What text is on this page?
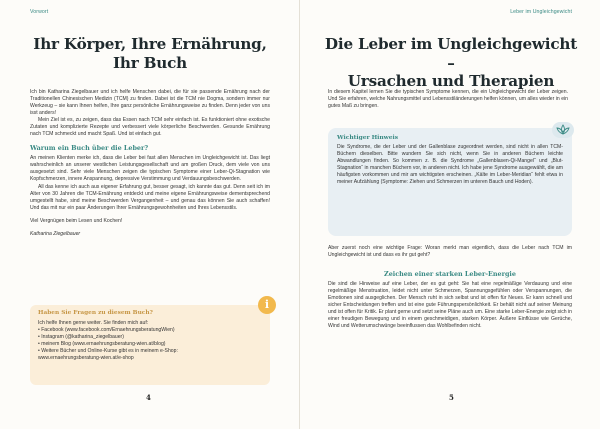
Vorwort
Ihr Körper, Ihre Ernährung,
Ihr Buch

Ich bin Katharina Ziegelbauer und ich helfe Menschen dabei, die für sie passende Ernährung nach der Traditionellen Chinesischen Medizin (TCM) zu finden. Dabei ist die TCM nie Dogma, sondern immer nur Werkzeug – sie kann Ihnen helfen, Ihre ganz persönliche Ernährungsweise zu finden. Denn jeder von uns isst anders!

Mein Ziel ist es, zu zeigen, dass das Essen nach TCM sehr einfach ist. Es funktioniert ohne exotische Zutaten und komplizierte Rezepte und verbessert viele körperliche Beschwerden. Gesunde Ernährung nach TCM schmeckt und macht Spaß. Und ist einfach gut.

Warum ein Buch über die Leber?

An meinen Klienten merke ich, dass die Leber bei fast allen Menschen im Ungleichgewicht ist. Das liegt wahrscheinlich an unserer westlichen Leistungsgesellschaft und am großen Druck, dem viele von uns ausgesetzt sind. Sehr viele Menschen zeigen die typischen Symptome einer Leber-Qi-Stagnation wie Kopfschmerzen, innere Anspannung, depressive Verstimmung und Verdauungsbeschwerden.

All das kenne ich auch aus eigener Erfahrung gut, besser gesagt, ich kannte das gut. Denn seit ich im Alter von 30 Jahren die TCM-Ernährung entdeckt und meine eigene Ernährungsweise dementsprechend umgestellt habe, sind meine Beschwerden Vergangenheit – und genau das können Sie auch schaffen! Und das mit nur ein paar Änderungen Ihrer Ernährungsgewohnheiten und Ihres Lebensstils.

Viel Vergnügen beim Lesen und Kochen!

Katharina Ziegelbauer

i
Haben Sie Fragen zu diesem Buch?
Ich helfe Ihnen gerne weiter. Sie finden mich auf:
• Facebook (www.facebook.com/ErnaehrungsberatungWien)
• Instagram (@katharina_ziegelbauer)
• meinem Blog (www.ernaehrungsberatung-wien.at/blog)
• Weitere Bücher und Online-Kurse gibt es in meinem e-Shop:
www.ernaehrungsberatung-wien.at/e-shop
4
Leber im Ungleichgewicht
Die Leber im Ungleichgewicht –
Ursachen und Therapien
In diesem Kapitel lernen Sie die typischen Symptome kennen, die ein Ungleichgewicht der Leber zeigen. Und Sie erfahren, welche Nahrungsmittel und Lebensstiländerungen helfen können, um alles wieder in ein gutes Maß zu bringen.
Wichtiger Hinweis
Die Syndrome, die der Leber und der Gallenblase zugeordnet werden, sind nicht in allen TCM-Büchern dieselben. Bitte wundern Sie sich nicht, wenn Sie in anderen Büchern leichte Abwandlungen finden. So kommen z. B. die Syndrome „Gallenblasen-Qi-Mangel“ und „Blut-Stagnation“ in manchen Büchern vor, in anderen nicht. Ich habe jene Syndrome ausgewählt, die am häufigsten vorkommen und mir am wichtigsten erscheinen. „Kälte im Leber-Meridian“ fehlt etwa in meiner Aufzählung (Symptome: Ziehen und Schmerzen im unteren Bauch und Hoden).
Aber zuerst noch eine wichtige Frage: Woran merkt man eigentlich, dass die Leber nach TCM im Ungleichgewicht ist und dass es ihr gut geht?
Zeichen einer starken Leber-Energie

Die sind die Hinweise auf eine Leber, der es gut geht: Sie hat eine regelmäßige Verdauung und eine regelmäßige Menstruation, leidet nicht unter Schmerzen, Spannungsgefühlen oder Verspannungen, die Emotionen sind ausgeglichen. Der Mensch ruht in sich selbst und ist offen für Neues. Er kann schnell und sicher Entscheidungen treffen und ist eine gute Führungspersönlichkeit. Er behält nicht auf seiner Meinung und ist offen für Kritik. Er plant gerne und setzt seine Pläne auch um. Eine starke Leber-Energie zeigt sich in einer freudigen Bewegung und in einem geschmeidigen, starken Körper. Äußere Einflüsse wie Gerüche, Wind und Wetterumschwünge beeinflussen das Wohlbefinden nicht.

5
